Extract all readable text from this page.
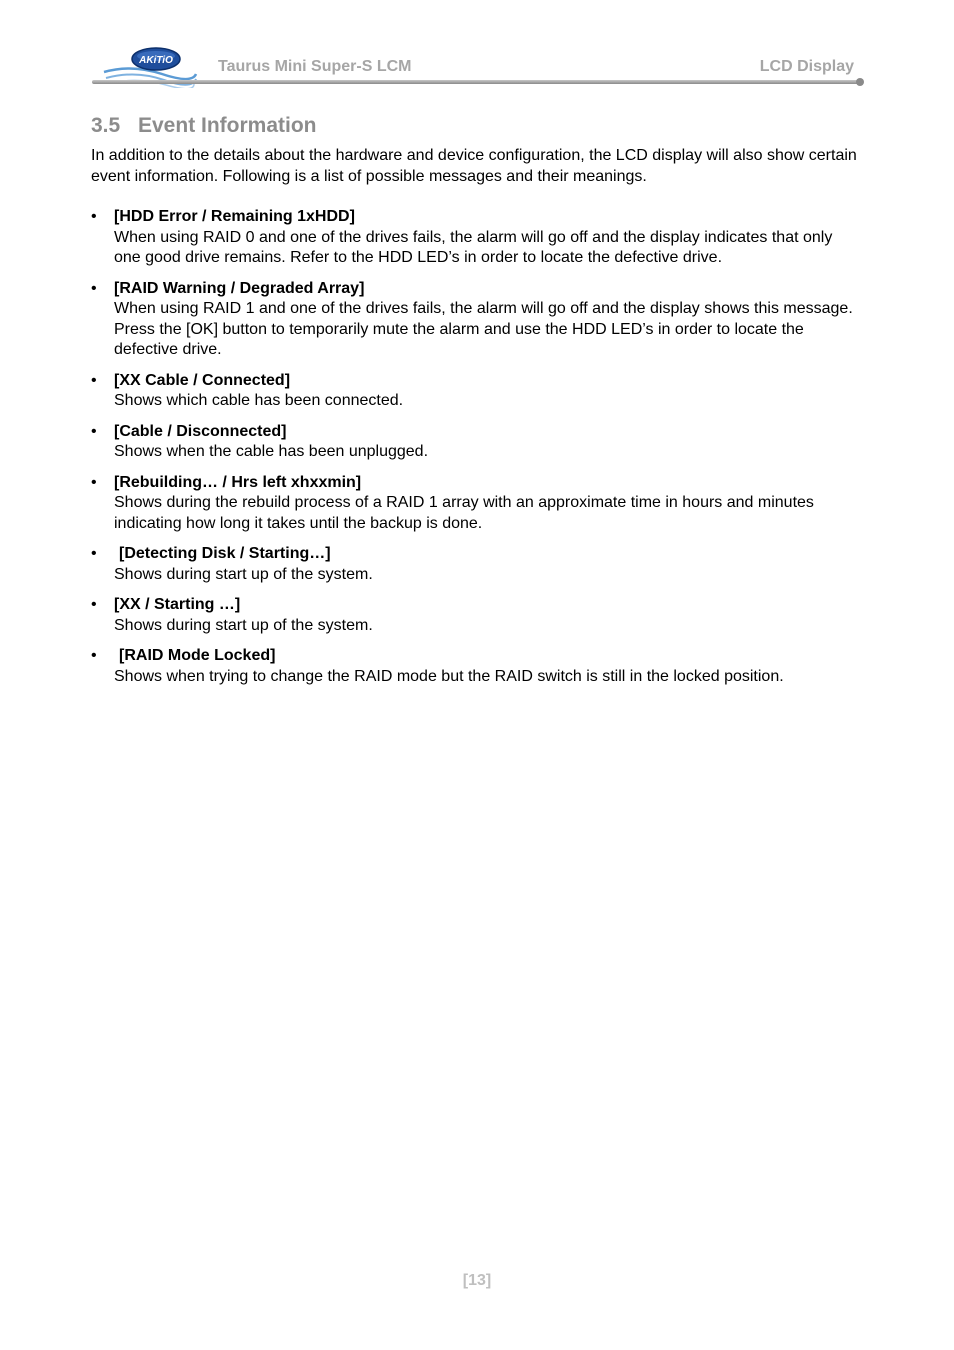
AKiTiO	Taurus Mini Super-S LCM	LCD Display
3.5 Event Information

In addition to the details about the hardware and device configuration, the LCD display will also show certain event information. Following is a list of possible messages and their meanings.

• [HDD Error / Remaining 1xHDD]
When using RAID 0 and one of the drives fails, the alarm will go off and the display indicates that only one good drive remains. Refer to the HDD LED’s in order to locate the defective drive.
• [RAID Warning / Degraded Array]
When using RAID 1 and one of the drives fails, the alarm will go off and the display shows this message. Press the [OK] button to temporarily mute the alarm and use the HDD LED’s in order to locate the defective drive.
• [XX Cable / Connected]
Shows which cable has been connected.
• [Cable / Disconnected]
Shows when the cable has been unplugged.
• [Rebuilding… / Hrs left xhxxmin]
Shows during the rebuild process of a RAID 1 array with an approximate time in hours and minutes indicating how long it takes until the backup is done.
•	[Detecting Disk / Starting…]
Shows during start up of the system.
• [XX / Starting …]
Shows during start up of the system.
•	[RAID Mode Locked]
Shows when trying to change the RAID mode but the RAID switch is still in the locked position.
[13]
